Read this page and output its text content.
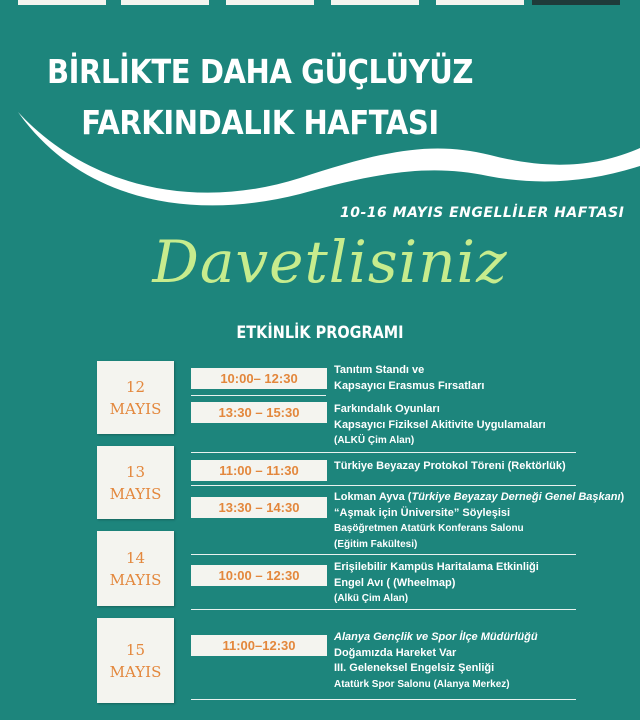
BİRLİKTE DAHA GÜÇLÜYÜZ
FARKINDALIK HAFTASI
10-16 MAYIS ENGELLİLER HAFTASI
Davetlisiniz
ETKİNLİK PROGRAMI
12
MAYIS
13
MAYIS
14
MAYIS
15
MAYIS
10:00– 12:30
Tanıtım Standı ve
Kapsayıcı Erasmus Fırsatları
13:30 – 15:30	Farkındalık Oyunları
Kapsayıcı Fiziksel Akitivite Uygulamaları
(ALKÜ Çim Alan)
11:00 – 11:30	Türkiye Beyazay Protokol Töreni (Rektörlük)
13:30 – 14:30
Lokman Ayva (Türkiye Beyazay Derneği Genel Başkanı)
“Aşmak için Üniversite” Söyleşisi
Başöğretmen Atatürk Konferans Salonu
(Eğitim Fakültesi)
10:00 – 12:30
Erişilebilir Kampüs Haritalama Etkinliği
Engel Avı ( (Wheelmap)
(Alkü Çim Alan)
11:00–12:30
Alanya Gençlik ve Spor İlçe Müdürlüğü
Doğamızda Hareket Var
III. Geleneksel Engelsiz Şenliği
Atatürk Spor Salonu (Alanya Merkez)
